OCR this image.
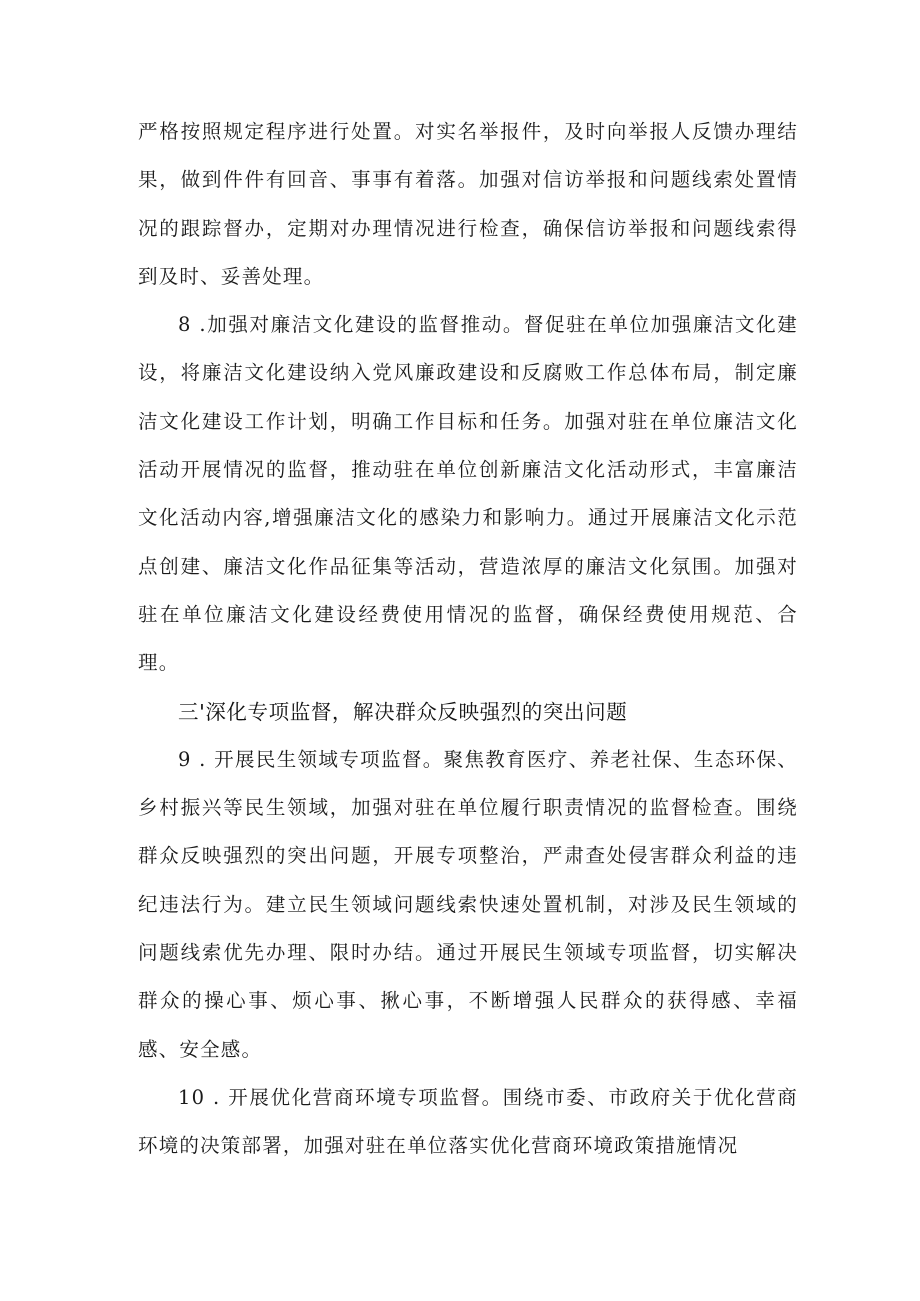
严格按照规定程序进行处置。对实名举报件，及时向举报人反馈办理结果，做到件件有回音、事事有着落。加强对信访举报和问题线索处置情况的跟踪督办，定期对办理情况进行检查，确保信访举报和问题线索得到及时、妥善处理。

8 .加强对廉洁文化建设的监督推动。督促驻在单位加强廉洁文化建设，将廉洁文化建设纳入党风廉政建设和反腐败工作总体布局，制定廉洁文化建设工作计划，明确工作目标和任务。加强对驻在单位廉洁文化活动开展情况的监督，推动驻在单位创新廉洁文化活动形式，丰富廉洁文化活动内容,增强廉洁文化的感染力和影响力。通过开展廉洁文化示范点创建、廉洁文化作品征集等活动，营造浓厚的廉洁文化氛围。加强对驻在单位廉洁文化建设经费使用情况的监督，确保经费使用规范、合理。

三'深化专项监督，解决群众反映强烈的突出问题

9 . 开展民生领域专项监督。聚焦教育医疗、养老社保、生态环保、乡村振兴等民生领域，加强对驻在单位履行职责情况的监督检查。围绕群众反映强烈的突出问题，开展专项整治，严肃查处侵害群众利益的违纪违法行为。建立民生领域问题线索快速处置机制，对涉及民生领域的问题线索优先办理、限时办结。通过开展民生领域专项监督，切实解决群众的操心事、烦心事、揪心事，不断增强人民群众的获得感、幸福感、安全感。

10 . 开展优化营商环境专项监督。围绕市委、市政府关于优化营商环境的决策部署，加强对驻在单位落实优化营商环境政策措施情况
